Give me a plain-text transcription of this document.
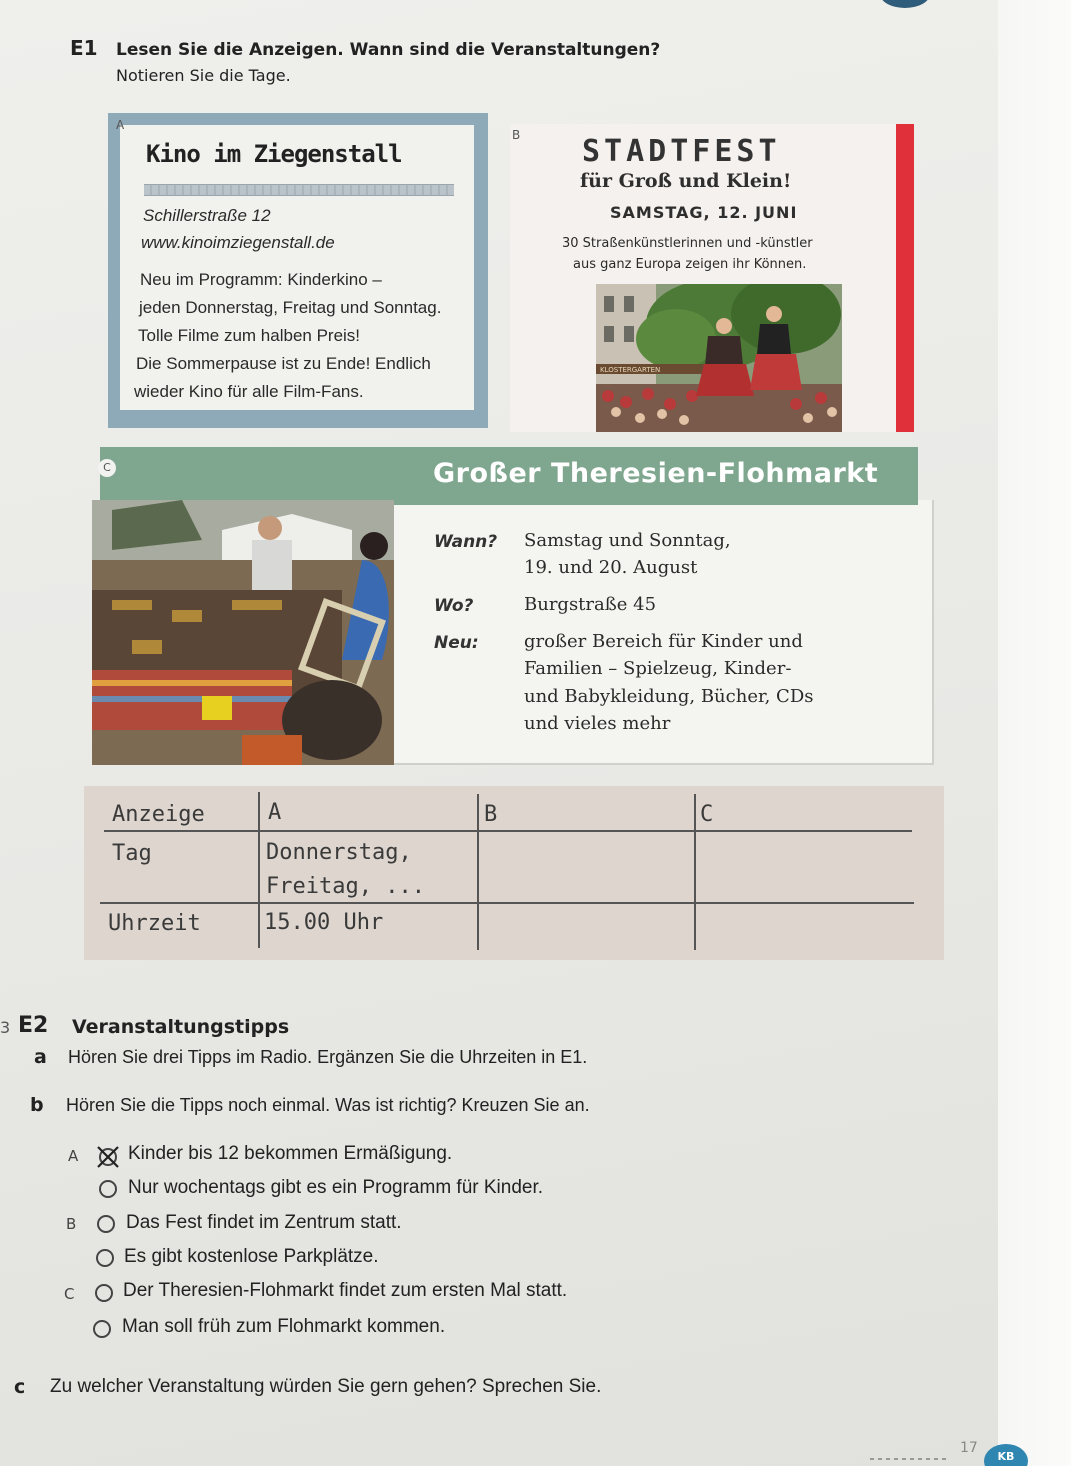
E1 Lesen Sie die Anzeigen. Wann sind die Veranstaltungen?
Notieren Sie die Tage.
A
Kino im Ziegenstall
Schillerstraße 12
www.kinoimziegenstall.de
Neu im Programm: Kinderkino –
jeden Donnerstag, Freitag und Sonntag.
Tolle Filme zum halben Preis!
Die Sommerpause ist zu Ende! Endlich
wieder Kino für alle Film-Fans.
B STADTFEST
für Groß und Klein!
SAMSTAG, 12. JUNI
30 Straßenkünstlerinnen und -künstler
aus ganz Europa zeigen ihr Können.
KLOSTERGARTEN
C	Großer Theresien-Flohmarkt
Wann? Samstag und Sonntag,
19. und 20. August
Wo?	Burgstraße 45
Neu:	großer Bereich für Kinder und
Familien – Spielzeug, Kinder-
und Babykleidung, Bücher, CDs
und vieles mehr
Anzeige	A	B	C
Tag	Donnerstag,
Freitag, ...
Uhrzeit	15.00 Uhr
3 E2 Veranstaltungstipps
a Hören Sie drei Tipps im Radio. Ergänzen Sie die Uhrzeiten in E1.
b Hören Sie die Tipps noch einmal. Was ist richtig? Kreuzen Sie an.
A	Kinder bis 12 bekommen Ermäßigung.
Nur wochentags gibt es ein Programm für Kinder.
B	Das Fest findet im Zentrum statt.
Es gibt kostenlose Parkplätze.
C	Der Theresien-Flohmarkt findet zum ersten Mal statt.
Man soll früh zum Flohmarkt kommen.
c Zu welcher Veranstaltung würden Sie gern gehen? Sprechen Sie.
17
KB
